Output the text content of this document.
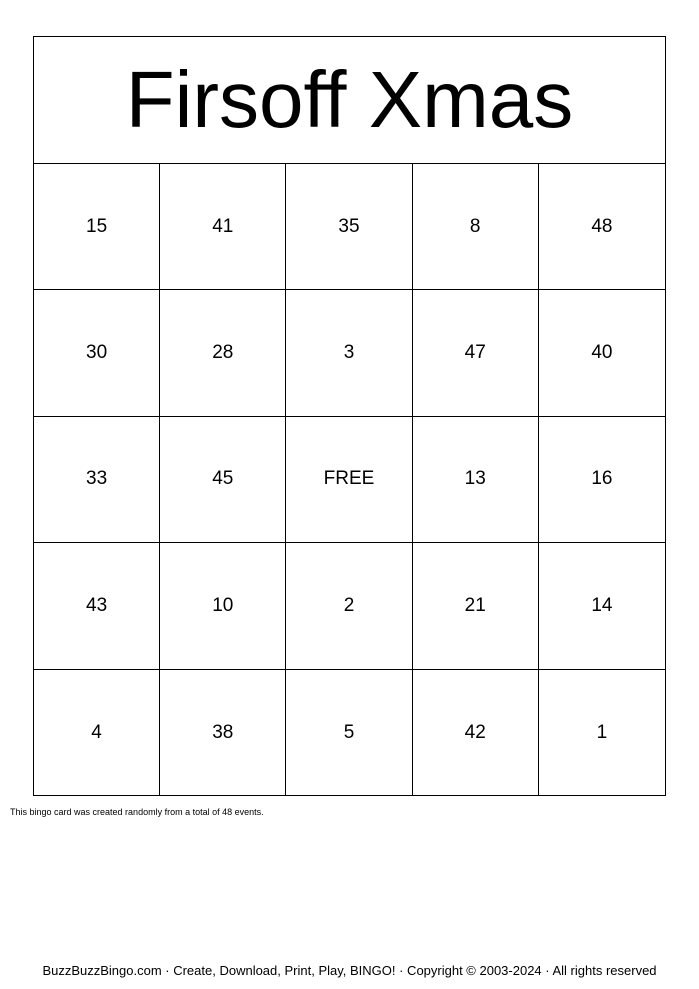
Firsoff Xmas
15	41	35	8	48
30	28	3	47	40
33	45	FREE	13	16
43	10	2	21	14
4	38	5	42	1
This bingo card was created randomly from a total of 48 events.
BuzzBuzzBingo.com · Create, Download, Print, Play, BINGO! · Copyright © 2003-2024 · All rights reserved
